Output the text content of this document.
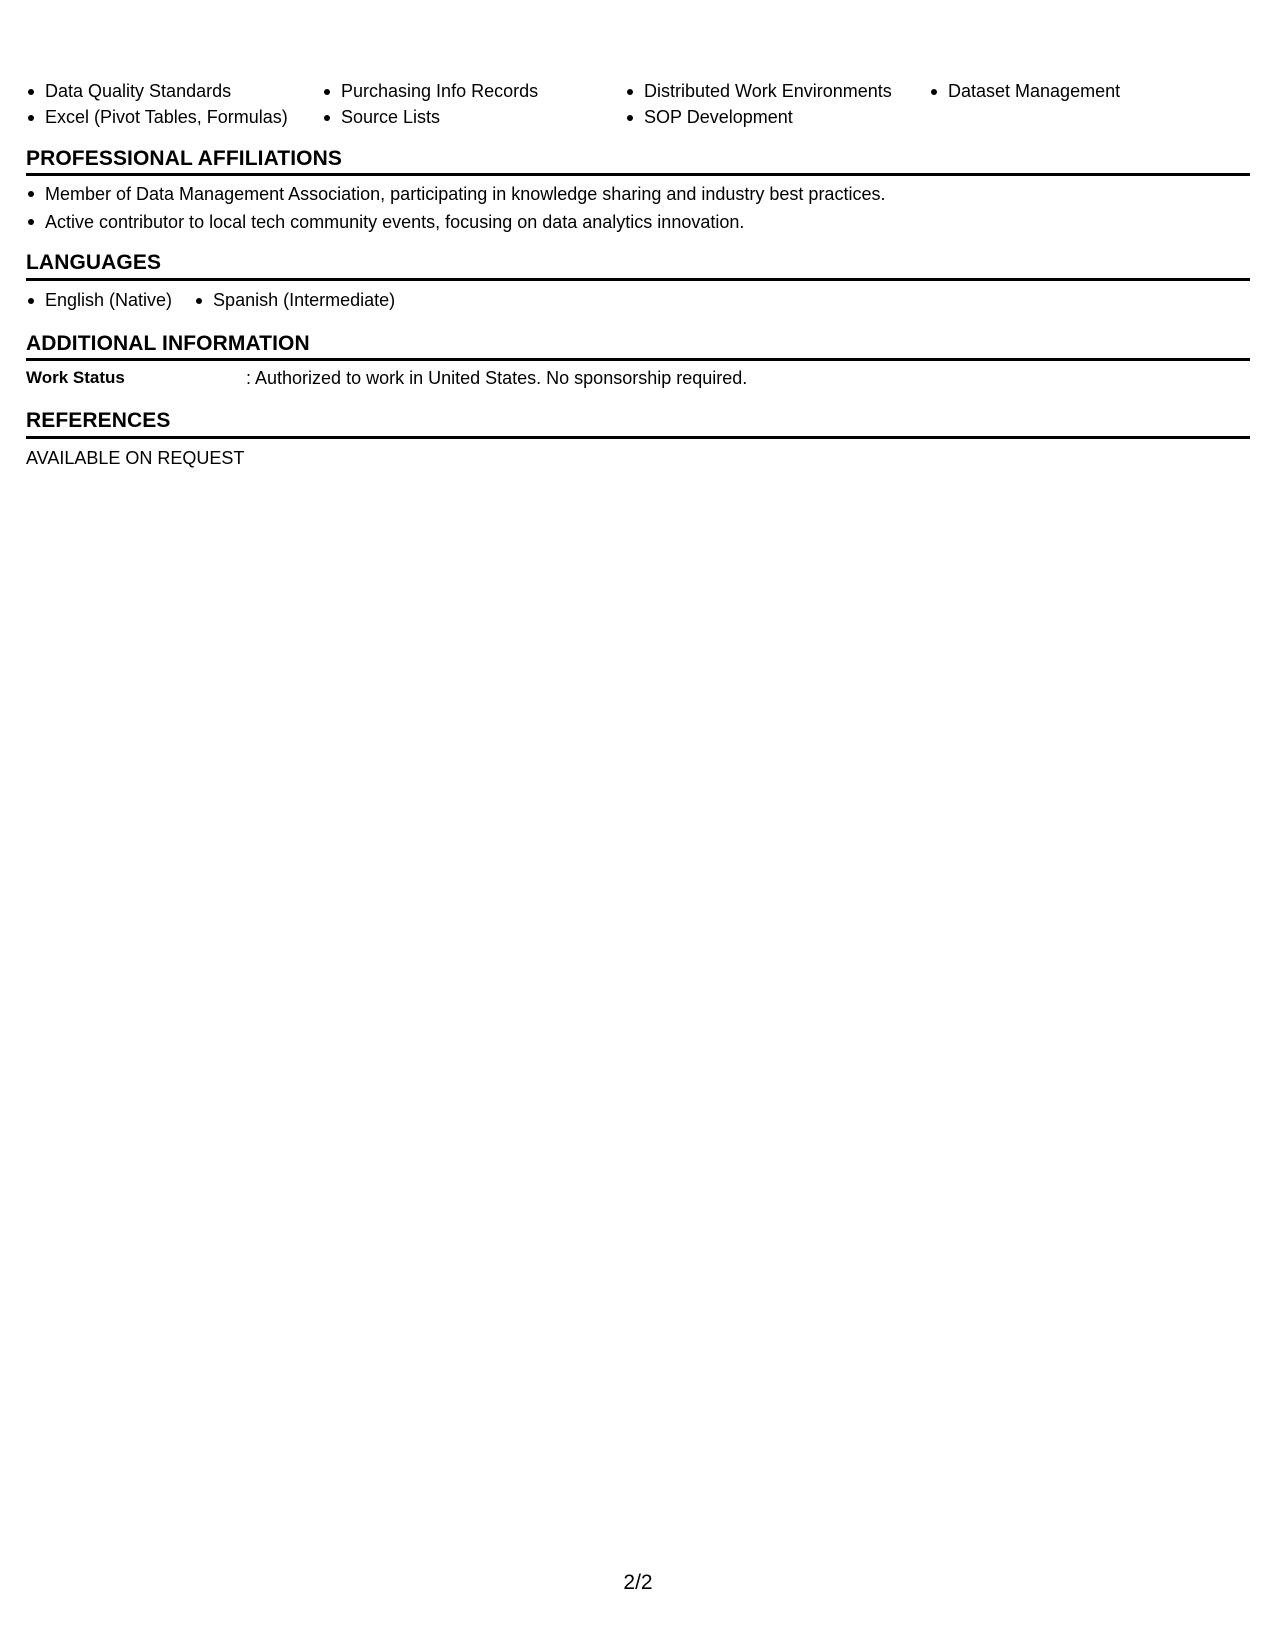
Data Quality Standards
Excel (Pivot Tables, Formulas)
Purchasing Info Records
Source Lists
Distributed Work Environments
SOP Development
Dataset Management
PROFESSIONAL AFFILIATIONS
Member of Data Management Association, participating in knowledge sharing and industry best practices.
Active contributor to local tech community events, focusing on data analytics innovation.
LANGUAGES
English (Native)	Spanish (Intermediate)
ADDITIONAL INFORMATION
Work Status	: Authorized to work in United States. No sponsorship required.
REFERENCES
AVAILABLE ON REQUEST
2/2
